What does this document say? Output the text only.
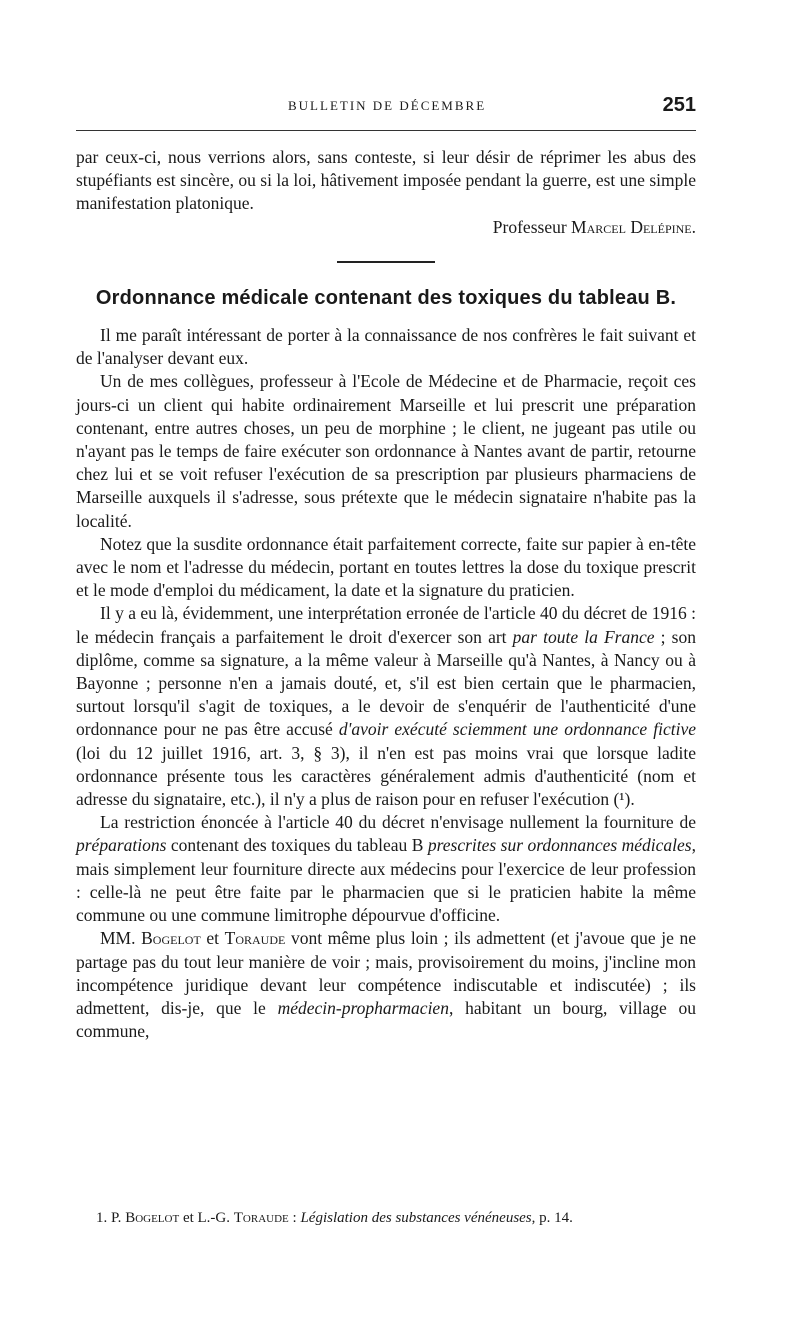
BULLETIN DE DÉCEMBRE	251

par ceux-ci, nous verrions alors, sans conteste, si leur désir de réprimer les abus des stupéfiants est sincère, ou si la loi, hâtivement imposée pendant la guerre, est une simple manifestation platonique.

Professeur Marcel Delépine.

Ordonnance médicale contenant des toxiques du tableau B.

Il me paraît intéressant de porter à la connaissance de nos confrères le fait suivant et de l'analyser devant eux.

Un de mes collègues, professeur à l'Ecole de Médecine et de Pharmacie, reçoit ces jours-ci un client qui habite ordinairement Marseille et lui prescrit une préparation contenant, entre autres choses, un peu de morphine ; le client, ne jugeant pas utile ou n'ayant pas le temps de faire exécuter son ordonnance à Nantes avant de partir, retourne chez lui et se voit refuser l'exécution de sa prescription par plusieurs pharmaciens de Marseille auxquels il s'adresse, sous prétexte que le médecin signataire n'habite pas la localité.

Notez que la susdite ordonnance était parfaitement correcte, faite sur papier à en-tête avec le nom et l'adresse du médecin, portant en toutes lettres la dose du toxique prescrit et le mode d'emploi du médicament, la date et la signature du praticien.

Il y a eu là, évidemment, une interprétation erronée de l'article 40 du décret de 1916 : le médecin français a parfaitement le droit d'exercer son art par toute la France ; son diplôme, comme sa signature, a la même valeur à Marseille qu'à Nantes, à Nancy ou à Bayonne ; personne n'en a jamais douté, et, s'il est bien certain que le pharmacien, surtout lorsqu'il s'agit de toxiques, a le devoir de s'enquérir de l'authenticité d'une ordonnance pour ne pas être accusé d'avoir exécuté sciemment une ordonnance fictive (loi du 12 juillet 1916, art. 3, § 3), il n'en est pas moins vrai que lorsque ladite ordonnance présente tous les caractères généralement admis d'authenticité (nom et adresse du signataire, etc.), il n'y a plus de raison pour en refuser l'exécution (¹).

La restriction énoncée à l'article 40 du décret n'envisage nullement la fourniture de préparations contenant des toxiques du tableau B prescrites sur ordonnances médicales, mais simplement leur fourniture directe aux médecins pour l'exercice de leur profession : celle-là ne peut être faite par le pharmacien que si le praticien habite la même commune ou une commune limitrophe dépourvue d'officine.

MM. Bogelot et Toraude vont même plus loin ; ils admettent (et j'avoue que je ne partage pas du tout leur manière de voir ; mais, provisoirement du moins, j'incline mon incompétence juridique devant leur compétence indiscutable et indiscutée) ; ils admettent, dis-je, que le médecin-propharmacien, habitant un bourg, village ou commune,

1. P. Bogelot et L.-G. Toraude : Législation des substances vénéneuses, p. 14.
